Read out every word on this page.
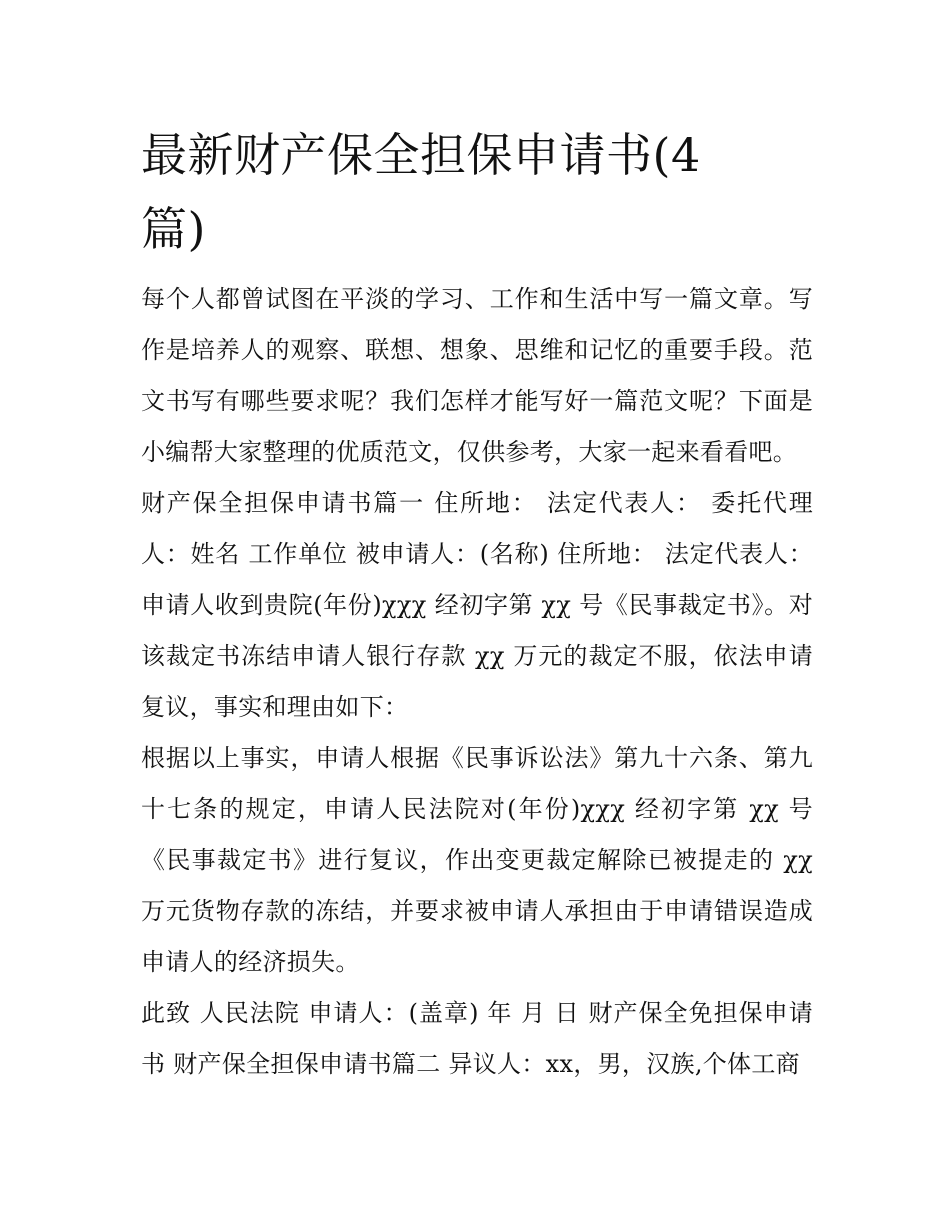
最新财产保全担保申请书(4篇)

每个人都曾试图在平淡的学习、工作和生活中写一篇文章。写作是培养人的观察、联想、想象、思维和记忆的重要手段。范文书写有哪些要求呢？我们怎样才能写好一篇范文呢？下面是小编帮大家整理的优质范文，仅供参考，大家一起来看看吧。

财产保全担保申请书篇一 住所地： 法定代表人： 委托代理人：姓名 工作单位 被申请人：(名称) 住所地： 法定代表人： 申请人收到贵院(年份)χχχ 经初字第 χχ 号《民事裁定书》。对该裁定书冻结申请人银行存款 χχ 万元的裁定不服，依法申请复议，事实和理由如下：

根据以上事实，申请人根据《民事诉讼法》第九十六条、第九十七条的规定，申请人民法院对(年份)χχχ 经初字第 χχ 号《民事裁定书》进行复议，作出变更裁定解除已被提走的 χχ 万元货物存款的冻结，并要求被申请人承担由于申请错误造成申请人的经济损失。

此致 人民法院 申请人：(盖章) 年 月 日 财产保全免担保申请书 财产保全担保申请书篇二 异议人：xx，男，汉族,个体工商
